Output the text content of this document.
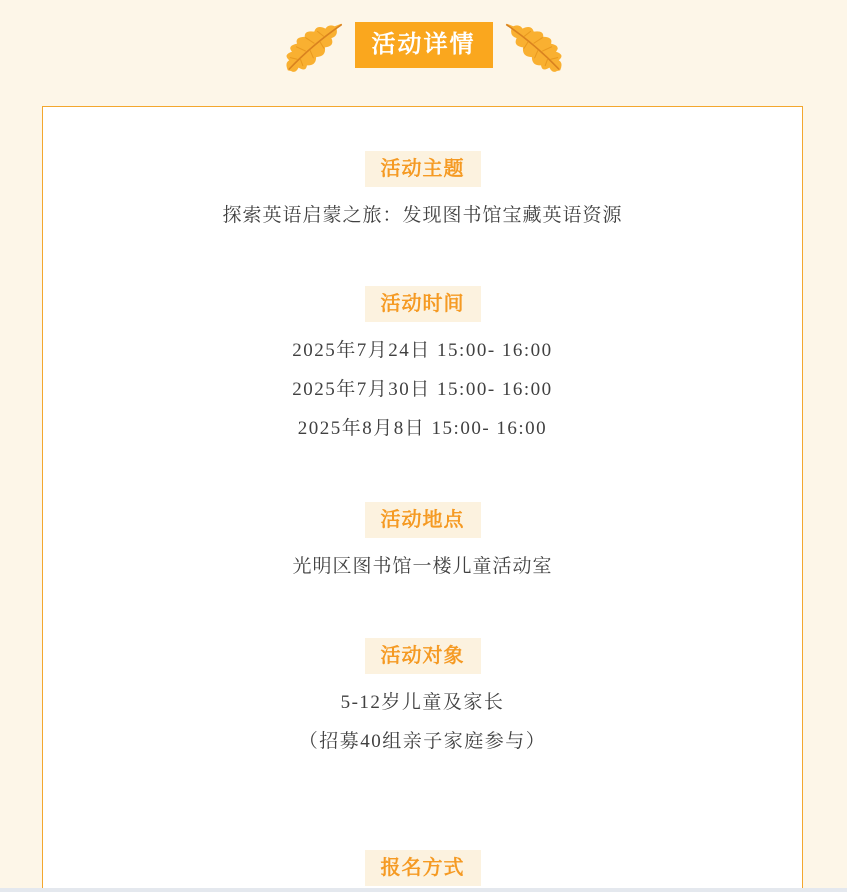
活动详情
活动主题

探索英语启蒙之旅：发现图书馆宝藏英语资源

活动时间

2025年7月24日 15:00- 16:00

2025年7月30日 15:00- 16:00

2025年8月8日 15:00- 16:00

活动地点

光明区图书馆一楼儿童活动室

活动对象

5-12岁儿童及家长

（招募40组亲子家庭参与）

报名方式
